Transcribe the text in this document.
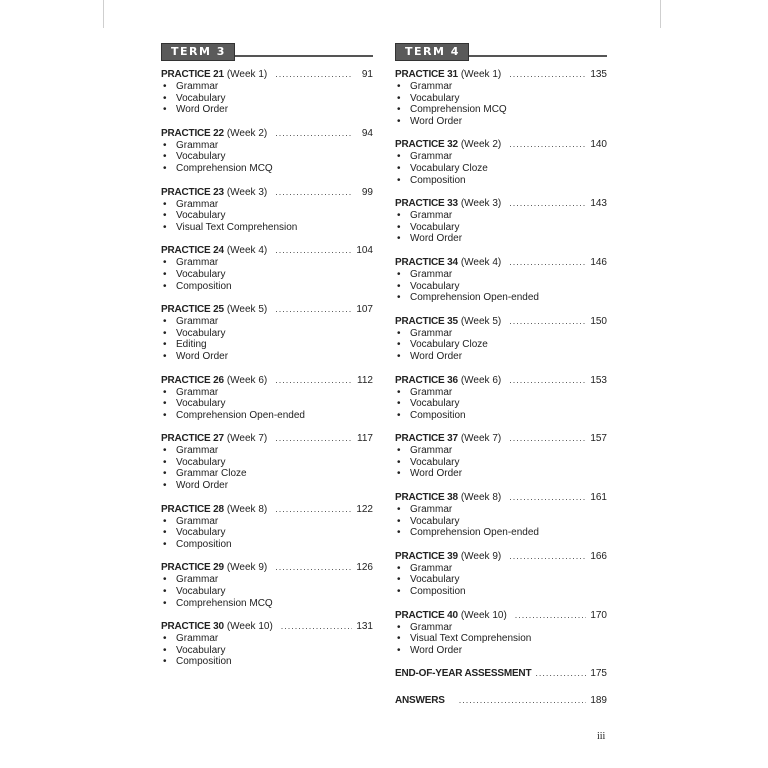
TERM 3
PRACTICE 21 (Week 1) .....	91
• Grammar
• Vocabulary
• Word Order
PRACTICE 22 (Week 2) .....	94
• Grammar
• Vocabulary
• Comprehension MCQ
PRACTICE 23 (Week 3) .....	99
• Grammar
• Vocabulary
• Visual Text Comprehension
PRACTICE 24 (Week 4) .....	104
• Grammar
• Vocabulary
• Composition
PRACTICE 25 (Week 5) .....	107
• Grammar
• Vocabulary
• Editing
• Word Order
PRACTICE 26 (Week 6) .....	112
• Grammar
• Vocabulary
• Comprehension Open-ended
PRACTICE 27 (Week 7) .....	117
• Grammar
• Vocabulary
• Grammar Cloze
• Word Order
PRACTICE 28 (Week 8) .....	122
• Grammar
• Vocabulary
• Composition
PRACTICE 29 (Week 9) .....	126
• Grammar
• Vocabulary
• Comprehension MCQ
PRACTICE 30 (Week 10) .....	131
• Grammar
• Vocabulary
• Composition
TERM 4
PRACTICE 31 (Week 1) .....	135
• Grammar
• Vocabulary
• Comprehension MCQ
• Word Order
PRACTICE 32 (Week 2) .....	140
• Grammar
• Vocabulary Cloze
• Composition
PRACTICE 33 (Week 3) .....	143
• Grammar
• Vocabulary
• Word Order
PRACTICE 34 (Week 4) .....	146
• Grammar
• Vocabulary
• Comprehension Open-ended
PRACTICE 35 (Week 5) .....	150
• Grammar
• Vocabulary Cloze
• Word Order
PRACTICE 36 (Week 6) .....	153
• Grammar
• Vocabulary
• Composition
PRACTICE 37 (Week 7) .....	157
• Grammar
• Vocabulary
• Word Order
PRACTICE 38 (Week 8) .....	161
• Grammar
• Vocabulary
• Comprehension Open-ended
PRACTICE 39 (Week 9) .....	166
• Grammar
• Vocabulary
• Composition
PRACTICE 40 (Week 10) .....	170
• Grammar
• Visual Text Comprehension
• Word Order
END-OF-YEAR ASSESSMENT .....	175
ANSWERS .....	189
iii
